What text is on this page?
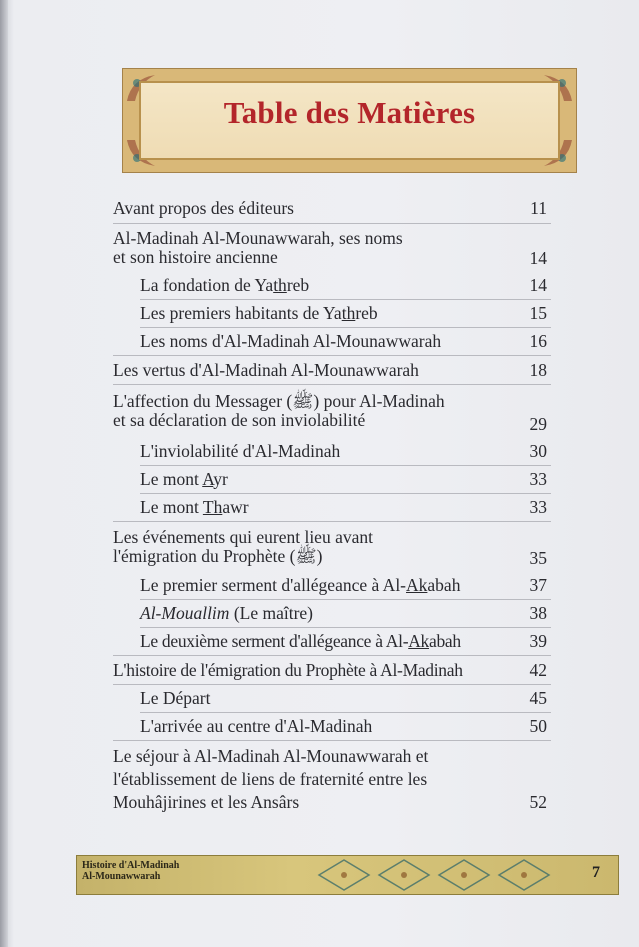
Table des Matières
Avant propos des éditeurs	11
Al-Madinah Al-Mounawwarah, ses noms
et son histoire ancienne	14
La fondation de Yathreb	14
Les premiers habitants de Yathreb	15
Les noms d'Al-Madinah Al-Mounawwarah	16
Les vertus d'Al-Madinah Al-Mounawwarah	18
L'affection du Messager (ﷺ) pour Al-Madinah
et sa déclaration de son inviolabilité	29
L'inviolabilité d'Al-Madinah	30
Le mont Ayr	33
Le mont Thawr	33
Les événements qui eurent lieu avant
l'émigration du Prophète (ﷺ)	35
Le premier serment d'allégeance à Al-Akabah	37
Al-Mouallim (Le maître)	38
Le deuxième serment d'allégeance à Al-Akabah	39
L'histoire de l'émigration du Prophète à Al-Madinah	42
Le Départ	45
L'arrivée au centre d'Al-Madinah	50
Le séjour à Al-Madinah Al-Mounawwarah et
l'établissement de liens de fraternité entre les
Mouhâjirines et les Ansârs	52
Histoire d'Al-Madinah
Al-Mounawwarah	7
